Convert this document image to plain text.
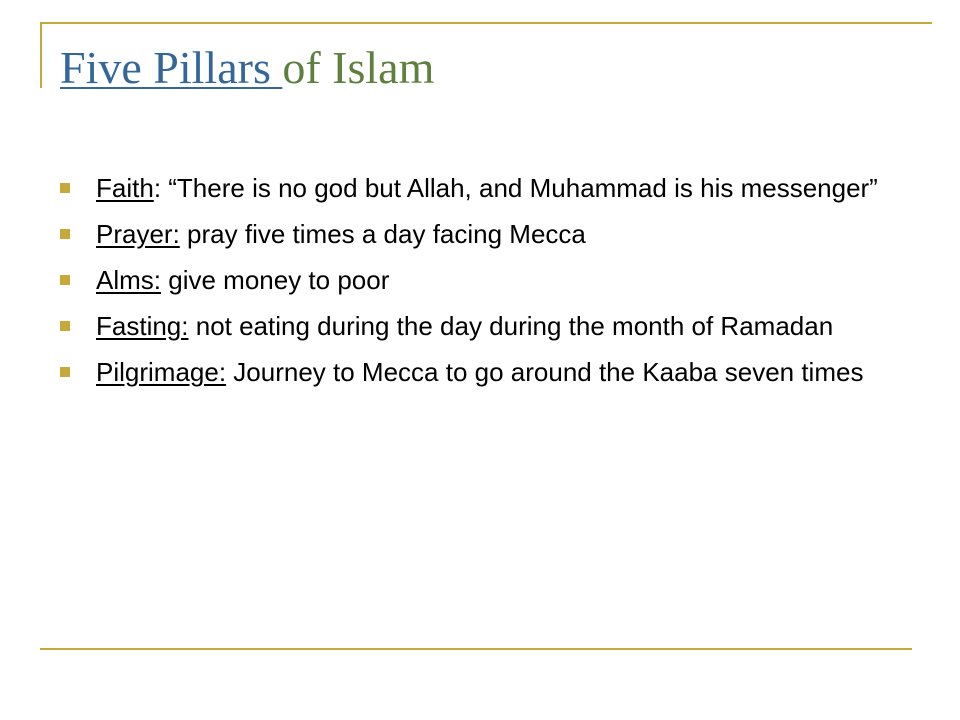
Five Pillars of Islam
Faith: “There is no god but Allah, and Muhammad is his messenger”
Prayer: pray five times a day facing Mecca
Alms: give money to poor
Fasting: not eating during the day during the month of Ramadan
Pilgrimage: Journey to Mecca to go around the Kaaba seven times
